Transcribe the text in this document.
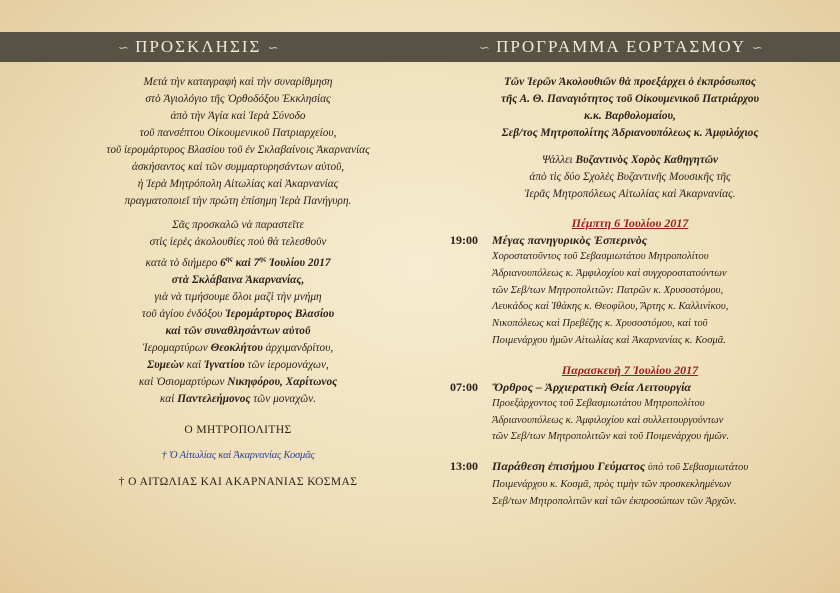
∽ ΠΡΟΣΚΛΗΣΙΣ ∽	∽ ΠΡΟΓΡΑΜΜΑ ΕΟΡΤΑΣΜΟΥ ∽
Μετά τὴν καταγραφὴ καὶ τὴν συναρίθμηση
στὸ Ἁγιολόγιο τῆς Ὀρθοδόξου Ἐκκλησίας
ἀπὸ τὴν Ἁγία καὶ Ἱερὰ Σύνοδο
τοῦ πανσέπτου Οἰκουμενικοῦ Πατριαρχείου,
τοῦ ἱερομάρτυρος Βλασίου τοῦ ἐν Σκλαβαίνοις Ἀκαρνανίας
ἀσκήσαντος καὶ τῶν συμμαρτυρησάντων αὐτοῦ,
ἡ Ἱερὰ Μητρόπολη Αἰτωλίας καὶ Ἀκαρνανίας
πραγματοποιεῖ τὴν πρώτη ἐπίσημη Ἱερὰ Πανήγυρη.
Σᾶς προσκαλῶ νὰ παραστεῖτε
στὶς ἱερὲς ἀκολουθίες ποὺ θὰ τελεσθοῦν
κατὰ τὸ διήμερο $6^{\eta\varsigma}$ καὶ $7^{\eta\varsigma}$ Ἰουλίου 2017
στὰ Σκλάβαινα Ἀκαρνανίας,
γιὰ νὰ τιμήσουμε ὅλοι μαζὶ τὴν μνήμη
τοῦ ἁγίου ἐνδόξου Ἱερομάρτυρος Βλασίου
καὶ τῶν συναθλησάντων αὐτοῦ
Ἱερομαρτύρων Θεοκλήτου ἀρχιμανδρίτου,
Συμεὼν καὶ Ἰγνατίου τῶν ἱερομονάχων,
καὶ Ὁσιομαρτύρων Νικηφόρου, Χαρίτωνος
καὶ Παντελεήμονος τῶν μοναχῶν.
Ο ΜΗΤΡΟΠΟΛΙΤΗΣ
† Ὁ Αἰτωλίας καὶ Ἀκαρνανίας Κοσμᾶς
† Ο ΑΙΤΩΛΙΑΣ ΚΑΙ ΑΚΑΡΝΑΝΙΑΣ ΚΟΣΜΑΣ
Τῶν Ἱερῶν Ἀκολουθιῶν θὰ προεξάρχει ὁ ἐκπρόσωπος
τῆς Α. Θ. Παναγιότητος τοῦ Οἰκουμενικοῦ Πατριάρχου
κ.κ. Βαρθολομαίου,
Σεβ/τος Μητροπολίτης Ἀδριανουπόλεως κ. Ἀμφιλόχιος
Ψάλλει Βυζαντινὸς Χορὸς Καθηγητῶν
ἀπὸ τὶς δύο Σχολὲς Βυζαντινῆς Μουσικῆς τῆς
Ἱερᾶς Μητροπόλεως Αἰτωλίας καὶ Ἀκαρνανίας.
Πέμπτη 6 Ἰουλίου 2017
19:00	Μέγας πανηγυρικὸς Ἑσπερινὸς
Χοροστατοῦντος τοῦ Σεβασμιωτάτου Μητροπολίτου
Ἀδριανουπόλεως κ. Ἀμφιλοχίου καὶ συγχοροστατούντων
τῶν Σεβ/των Μητροπολιτῶν: Πατρῶν κ. Χρυσοστόμου,
Λευκάδος καὶ Ἰθάκης κ. Θεοφίλου, Ἄρτης κ. Καλλινίκου,
Νικοπόλεως καὶ Πρεβέζης κ. Χρυσοστόμου, καὶ τοῦ
Ποιμενάρχου ἡμῶν Αἰτωλίας καὶ Ἀκαρνανίας κ. Κοσμᾶ.
Παρασκευὴ 7 Ἰουλίου 2017
07:00	Ὄρθρος – Ἀρχιερατικὴ Θεία Λειτουργία
Προεξάρχοντος τοῦ Σεβασμιωτάτου Μητροπολίτου
Ἀδριανουπόλεως κ. Ἀμφιλοχίου καὶ συλλειτουργούντων
τῶν Σεβ/των Μητροπολιτῶν καὶ τοῦ Ποιμενάρχου ἡμῶν.
13:00	Παράθεση ἐπισήμου Γεύματος ὑπὸ τοῦ Σεβασμιωτάτου
Ποιμενάρχου κ. Κοσμᾶ, πρὸς τιμὴν τῶν προσκεκλημένων
Σεβ/των Μητροπολιτῶν καὶ τῶν ἐκπροσώπων τῶν Ἀρχῶν.
